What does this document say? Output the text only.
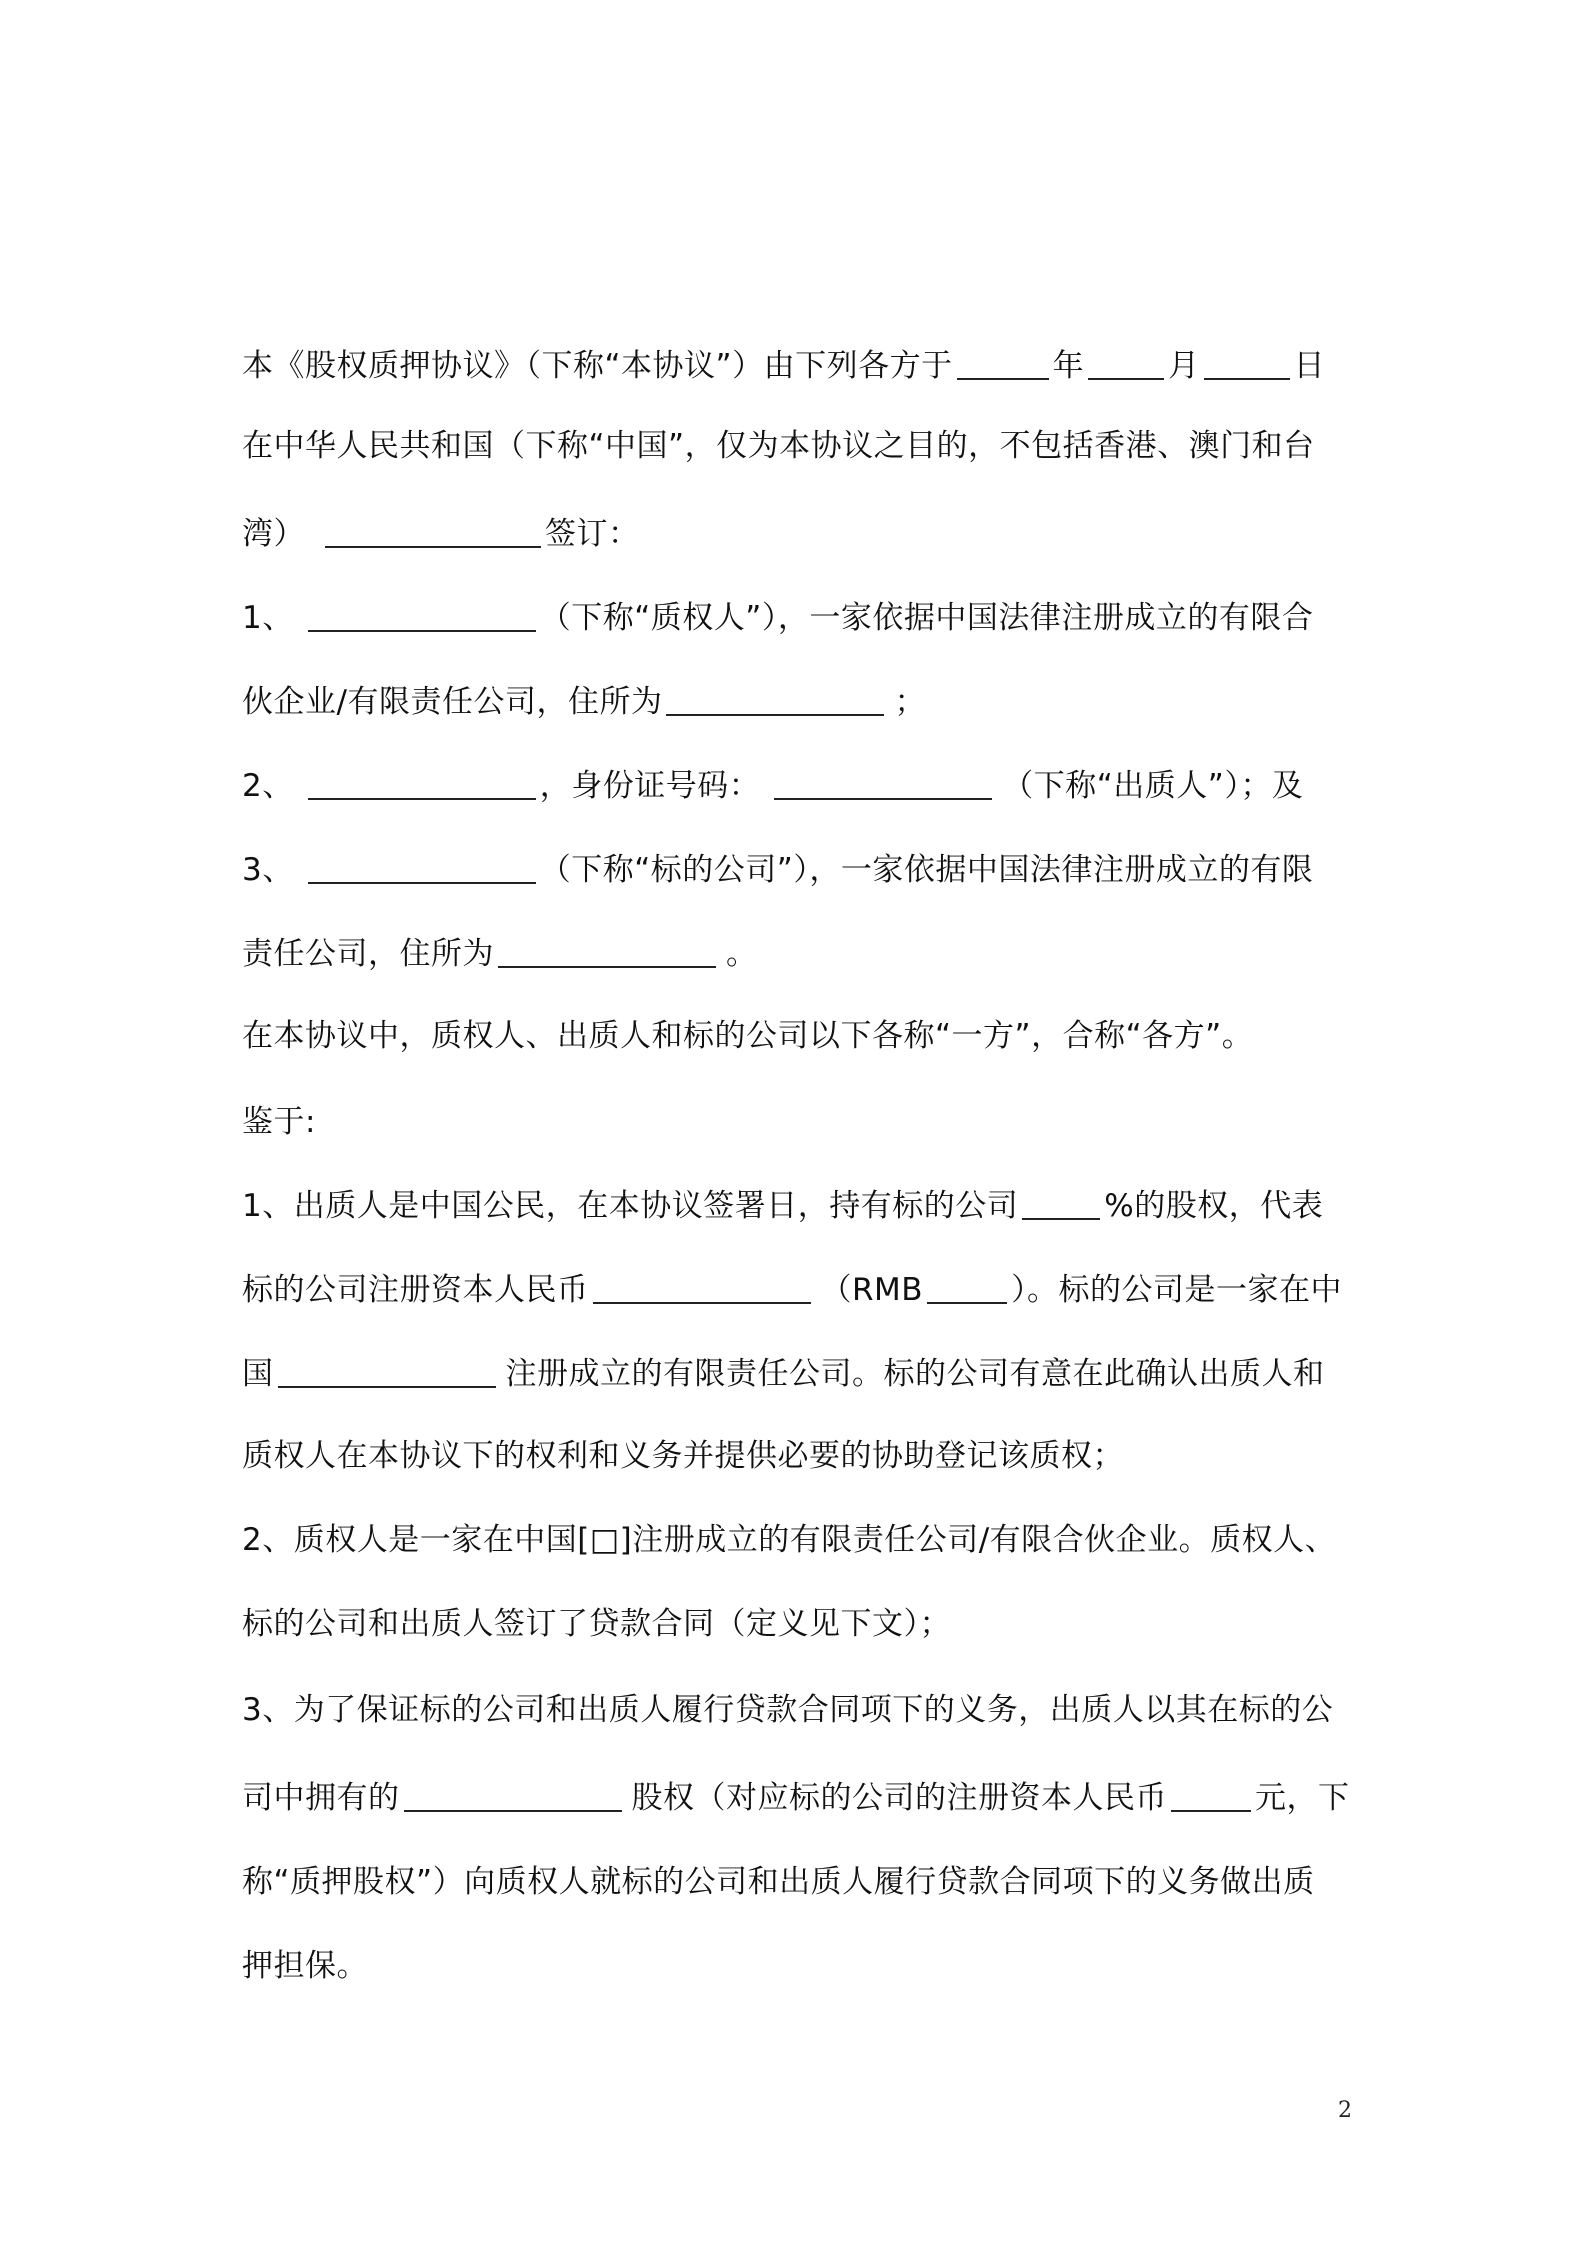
本《股权质押协议》（下称“本协议”）由下列各方于	年	月	日
在中华人民共和国（下称“中国”，仅为本协议之目的，不包括香港、澳门和台
湾）	签订：
1、	（下称“质权人”），一家依据中国法律注册成立的有限合
伙企业/有限责任公司，住所为	；
2、	，身份证号码：	（下称“出质人”）；及
3、	（下称“标的公司”），一家依据中国法律注册成立的有限
责任公司，住所为	。
在本协议中，质权人、出质人和标的公司以下各称“一方”，合称“各方”。
鉴于:
1、出质人是中国公民，在本协议签署日，持有标的公司	%的股权，代表
标的公司注册资本人民币	（RMB	）。标的公司是一家在中
国	注册成立的有限责任公司。标的公司有意在此确认出质人和
质权人在本协议下的权利和义务并提供必要的协助登记该质权；
2、质权人是一家在中国[□]注册成立的有限责任公司/有限合伙企业。质权人、
标的公司和出质人签订了贷款合同（定义见下文）；
3、为了保证标的公司和出质人履行贷款合同项下的义务，出质人以其在标的公
司中拥有的	股权（对应标的公司的注册资本人民币	元，下
称“质押股权”）向质权人就标的公司和出质人履行贷款合同项下的义务做出质
押担保。
2
